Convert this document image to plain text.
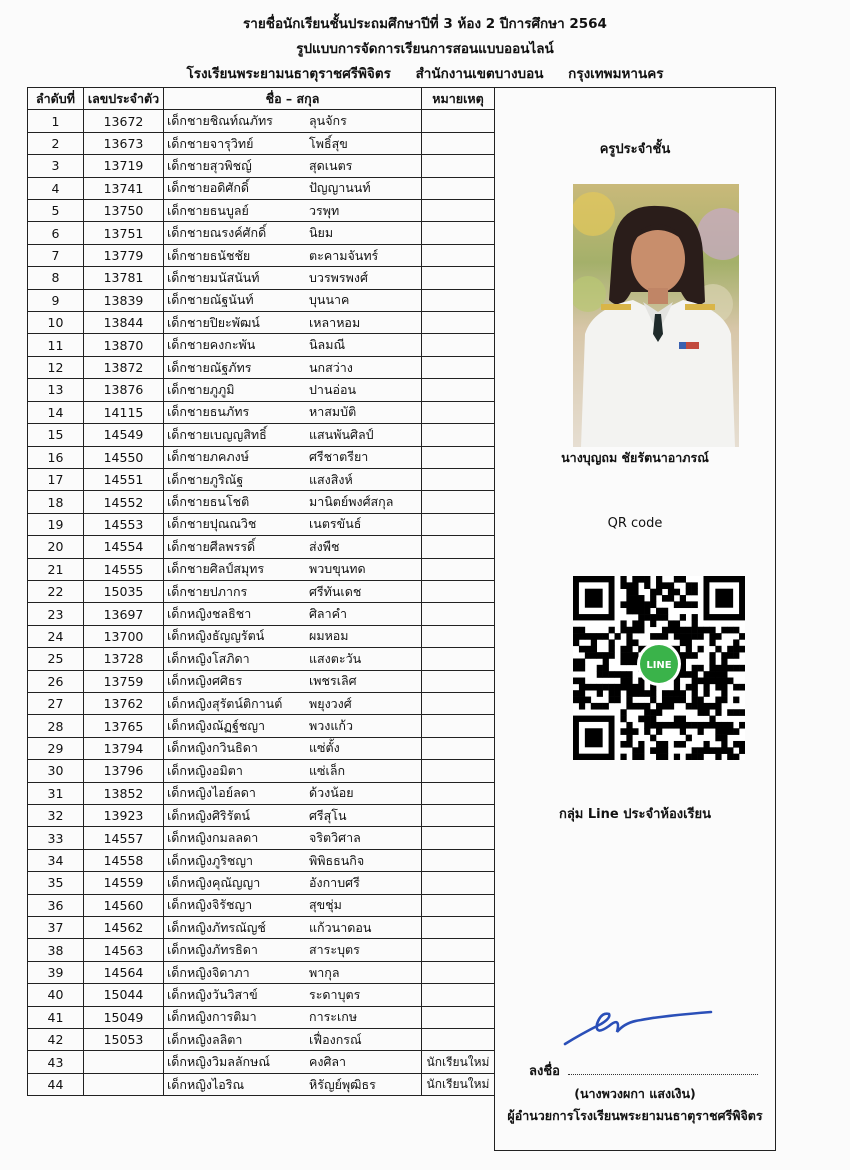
รายชื่อนักเรียนชั้นประถมศึกษาปีที่ 3 ห้อง 2 ปีการศึกษา 2564
รูปแบบการจัดการเรียนการสอนแบบออนไลน์
โรงเรียนพระยามนธาตุราชศรีพิจิตร สำนักงานเขตบางบอน กรุงเทพมหานคร
ลำดับที่	เลขประจำตัว	ชื่อ – สกุล	หมายเหตุ
1	13672	เด็กชายชิณท์ณภัทร ลุนจักร	
2	13673	เด็กชายจารุวิทย์ โพธิ์สุข	
3	13719	เด็กชายสุวพิชญ์ สุดเนตร	
4	13741	เด็กชายอดิศักดิ์ ปัญญานนท์	
5	13750	เด็กชายธนบูลย์ วรพุท	
6	13751	เด็กชายณรงค์ศักดิ์ นิยม	
7	13779	เด็กชายธนัชชัย ตะคามจันทร์	
8	13781	เด็กชายมนัสนันท์ บวรพรพงศ์	
9	13839	เด็กชายณัฐนันท์ บุนนาค	
10	13844	เด็กชายปิยะพัฒน์ เหลาหอม	
11	13870	เด็กชายคงกะพัน นิลมณี	
12	13872	เด็กชายณัฐภัทร นกสว่าง	
13	13876	เด็กชายภูภูมิ ปานอ่อน	
14	14115	เด็กชายธนภัทร หาสมบัติ	
15	14549	เด็กชายเบญญสิทธิ์ แสนพันศิลป์	
16	14550	เด็กชายภคภงษ์ ศรีชาตรียา	
17	14551	เด็กชายภูริณัฐ แสงสิงห์	
18	14552	เด็กชายธนโชติ มานิตย์พงศ์สกุล	
19	14553	เด็กชายปุณณวิช เนตรขันธ์	
20	14554	เด็กชายศีลพรรดิ์ ส่งพืช	
21	14555	เด็กชายศิลป์สมุทร พวบขุนทด	
22	15035	เด็กชายปภากร ศรีทันเดช	
23	13697	เด็กหญิงชลธิชา ศิลาคำ	
24	13700	เด็กหญิงธัญญรัตน์ ผมหอม	
25	13728	เด็กหญิงโสภิดา แสงตะวัน	
26	13759	เด็กหญิงศศิธร เพชรเลิศ	
27	13762	เด็กหญิงสุรัตน์ติกานต์ พยุงวงศ์	
28	13765	เด็กหญิงณัฏฐ์ชญา พวงแก้ว	
29	13794	เด็กหญิงกวินธิดา แซ่ตั้ง	
30	13796	เด็กหญิงอมิตา แซ่เล็ก	
31	13852	เด็กหญิงไอย์ลดา ด้วงน้อย	
32	13923	เด็กหญิงศิริรัตน์ ศรีสุโน	
33	14557	เด็กหญิงกมลลดา จริตวิศาล	
34	14558	เด็กหญิงภูริชญา พิพิธธนกิจ	
35	14559	เด็กหญิงคุณัญญา อังกาบศรี	
36	14560	เด็กหญิงจิรัชญา สุขชุ่ม	
37	14562	เด็กหญิงภัทรณัญช์ แก้วนาดอน	
38	14563	เด็กหญิงภัทรธิดา สาระบุตร	
39	14564	เด็กหญิงจิดาภา พากุล	
40	15044	เด็กหญิงวันวิสาข์ ระดาบุตร	
41	15049	เด็กหญิงการติมา การะเกษ	
42	15053	เด็กหญิงลลิตา เฟื่องกรณ์	
43		เด็กหญิงวิมลลักษณ์ คงศิลา	นักเรียนใหม่
44		เด็กหญิงไอริณ หิรัญย์พุฒิธร	นักเรียนใหม่
ครูประจำชั้น
นางบุญถม ชัยรัตนาอาภรณ์
QR code
LINE
กลุ่ม Line ประจำห้องเรียน
ลงชื่อ
(นางพวงผกา แสงเงิน)
ผู้อำนวยการโรงเรียนพระยามนธาตุราชศรีพิจิตร
